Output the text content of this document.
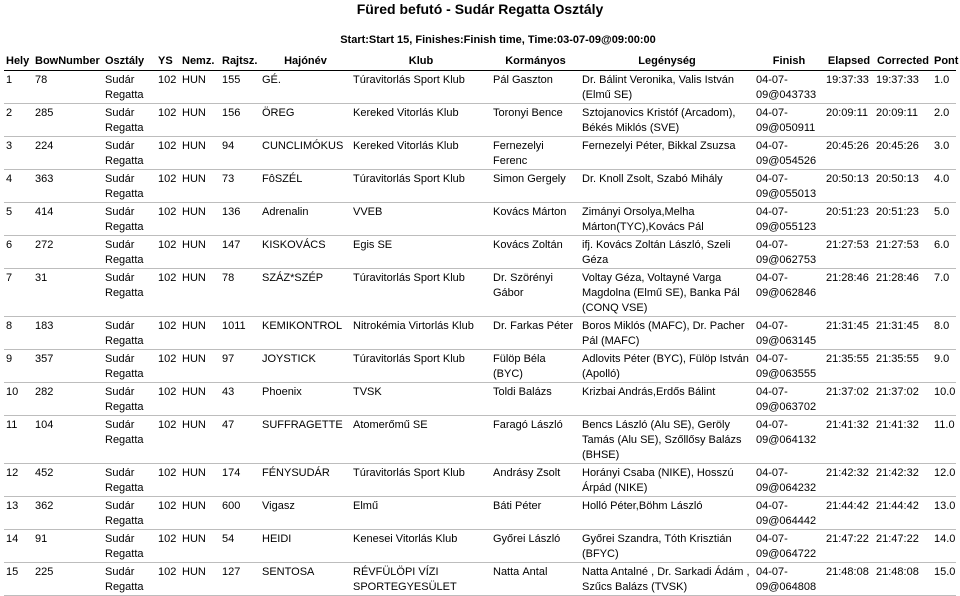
Füred befutó - Sudár Regatta Osztály
Start:Start 15, Finishes:Finish time, Time:03-07-09@09:00:00
Hely	BowNumber	Osztály	YS	Nemz.	Rajtsz.	Hajónév	Klub	Kormányos	Legénység	Finish	Elapsed	Corrected	Pont
1	78	Sudár Regatta	102	HUN	155	GÉ.	Túravitorlás Sport Klub	Pál Gaszton	Dr. Bálint Veronika, Valis István (Elmű SE)	04-07-09@043733	19:37:33	19:37:33	1.0
2	285	Sudár Regatta	102	HUN	156	ÖREG	Kereked Vitorlás Klub	Toronyi Bence	Sztojanovics Kristóf (Arcadom), Békés Miklós (SVE)	04-07-09@050911	20:09:11	20:09:11	2.0
3	224	Sudár Regatta	102	HUN	94	CUNCLIMÓKUS	Kereked Vitorlás Klub	Fernezelyi Ferenc	Fernezelyi Péter, Bikkal Zsuzsa	04-07-09@054526	20:45:26	20:45:26	3.0
4	363	Sudár Regatta	102	HUN	73	FôSZÉL	Túravitorlás Sport Klub	Simon Gergely	Dr. Knoll Zsolt, Szabó Mihály	04-07-09@055013	20:50:13	20:50:13	4.0
5	414	Sudár Regatta	102	HUN	136	Adrenalin	VVEB	Kovács Márton	Zimányi Orsolya,Melha Márton(TYC),Kovács Pál	04-07-09@055123	20:51:23	20:51:23	5.0
6	272	Sudár Regatta	102	HUN	147	KISKOVÁCS	Egis SE	Kovács Zoltán	ifj. Kovács Zoltán László, Szeli Géza	04-07-09@062753	21:27:53	21:27:53	6.0
7	31	Sudár Regatta	102	HUN	78	SZÁZ*SZÉP	Túravitorlás Sport Klub	Dr. Szörényi Gábor	Voltay Géza, Voltayné Varga Magdolna (Elmű SE), Banka Pál (CONQ VSE)	04-07-09@062846	21:28:46	21:28:46	7.0
8	183	Sudár Regatta	102	HUN	1011	KEMIKONTROL	Nitrokémia Virtorlás Klub	Dr. Farkas Péter	Boros Miklós (MAFC), Dr. Pacher Pál (MAFC)	04-07-09@063145	21:31:45	21:31:45	8.0
9	357	Sudár Regatta	102	HUN	97	JOYSTICK	Túravitorlás Sport Klub	Fülöp Béla (BYC)	Adlovits Péter (BYC), Fülöp István (Apolló)	04-07-09@063555	21:35:55	21:35:55	9.0
10	282	Sudár Regatta	102	HUN	43	Phoenix	TVSK	Toldi Balázs	Krizbai András,Erdős Bálint	04-07-09@063702	21:37:02	21:37:02	10.0
11	104	Sudár Regatta	102	HUN	47	SUFFRAGETTE	Atomerőmű SE	Faragó László	Bencs László (Alu SE), Geröly Tamás (Alu SE), Szőllősy Balázs (BHSE)	04-07-09@064132	21:41:32	21:41:32	11.0
12	452	Sudár Regatta	102	HUN	174	FÉNYSUDÁR	Túravitorlás Sport Klub	Andrásy Zsolt	Horányi Csaba (NIKE), Hosszú Árpád (NIKE)	04-07-09@064232	21:42:32	21:42:32	12.0
13	362	Sudár Regatta	102	HUN	600	Vigasz	Elmű	Báti Péter	Holló Péter,Böhm László	04-07-09@064442	21:44:42	21:44:42	13.0
14	91	Sudár Regatta	102	HUN	54	HEIDI	Kenesei Vitorlás Klub	Győrei László	Győrei Szandra, Tóth Krisztián (BFYC)	04-07-09@064722	21:47:22	21:47:22	14.0
15	225	Sudár Regatta	102	HUN	127	SENTOSA	RÉVFÜLÖPI VÍZI SPORTEGYESÜLET	Nattа Antal	Natta Antalné , Dr. Sarkadi Ádám , Szűcs Balázs (TVSK)	04-07-09@064808	21:48:08	21:48:08	15.0
